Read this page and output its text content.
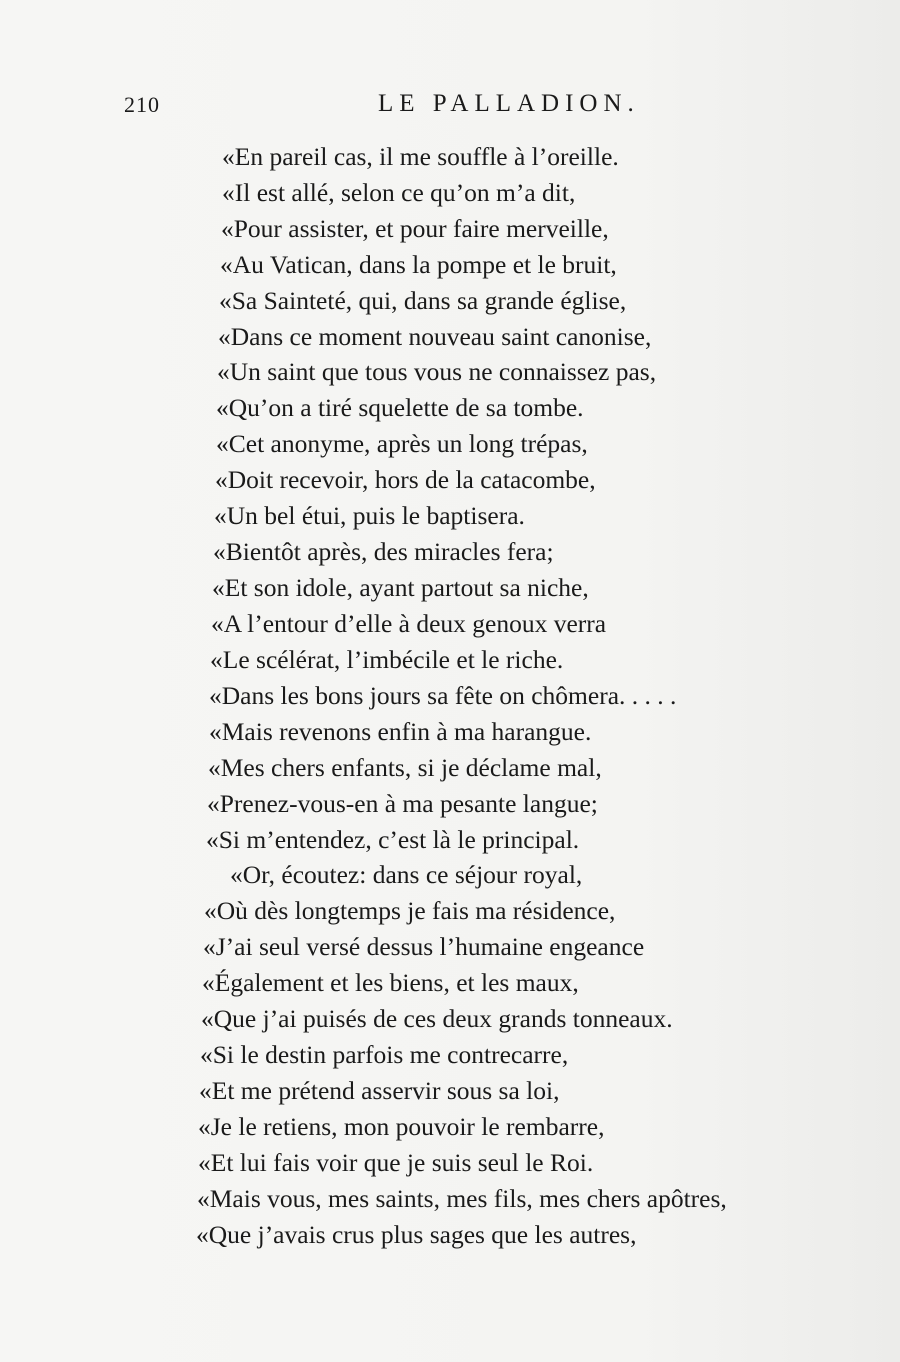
210	LE PALLADION.
«En pareil cas, il me souffle à l’oreille.
«Il est allé, selon ce qu’on m’a dit,
«Pour assister, et pour faire merveille,
«Au Vatican, dans la pompe et le bruit,
«Sa Sainteté, qui, dans sa grande église,
«Dans ce moment nouveau saint canonise,
«Un saint que tous vous ne connaissez pas,
«Qu’on a tiré squelette de sa tombe.
«Cet anonyme, après un long trépas,
«Doit recevoir, hors de la catacombe,
«Un bel étui, puis le baptisera.
«Bientôt après, des miracles fera;
«Et son idole, ayant partout sa niche,
«A l’entour d’elle à deux genoux verra
«Le scélérat, l’imbécile et le riche.
«Dans les bons jours sa fête on chômera. . . . .
«Mais revenons enfin à ma harangue.
«Mes chers enfants, si je déclame mal,
«Prenez-vous-en à ma pesante langue;
«Si m’entendez, c’est là le principal.
«Or, écoutez: dans ce séjour royal,
«Où dès longtemps je fais ma résidence,
«J’ai seul versé dessus l’humaine engeance
«Également et les biens, et les maux,
«Que j’ai puisés de ces deux grands tonneaux.
«Si le destin parfois me contrecarre,
«Et me prétend asservir sous sa loi,
«Je le retiens, mon pouvoir le rembarre,
«Et lui fais voir que je suis seul le Roi.
«Mais vous, mes saints, mes fils, mes chers apôtres,
«Que j’avais crus plus sages que les autres,
